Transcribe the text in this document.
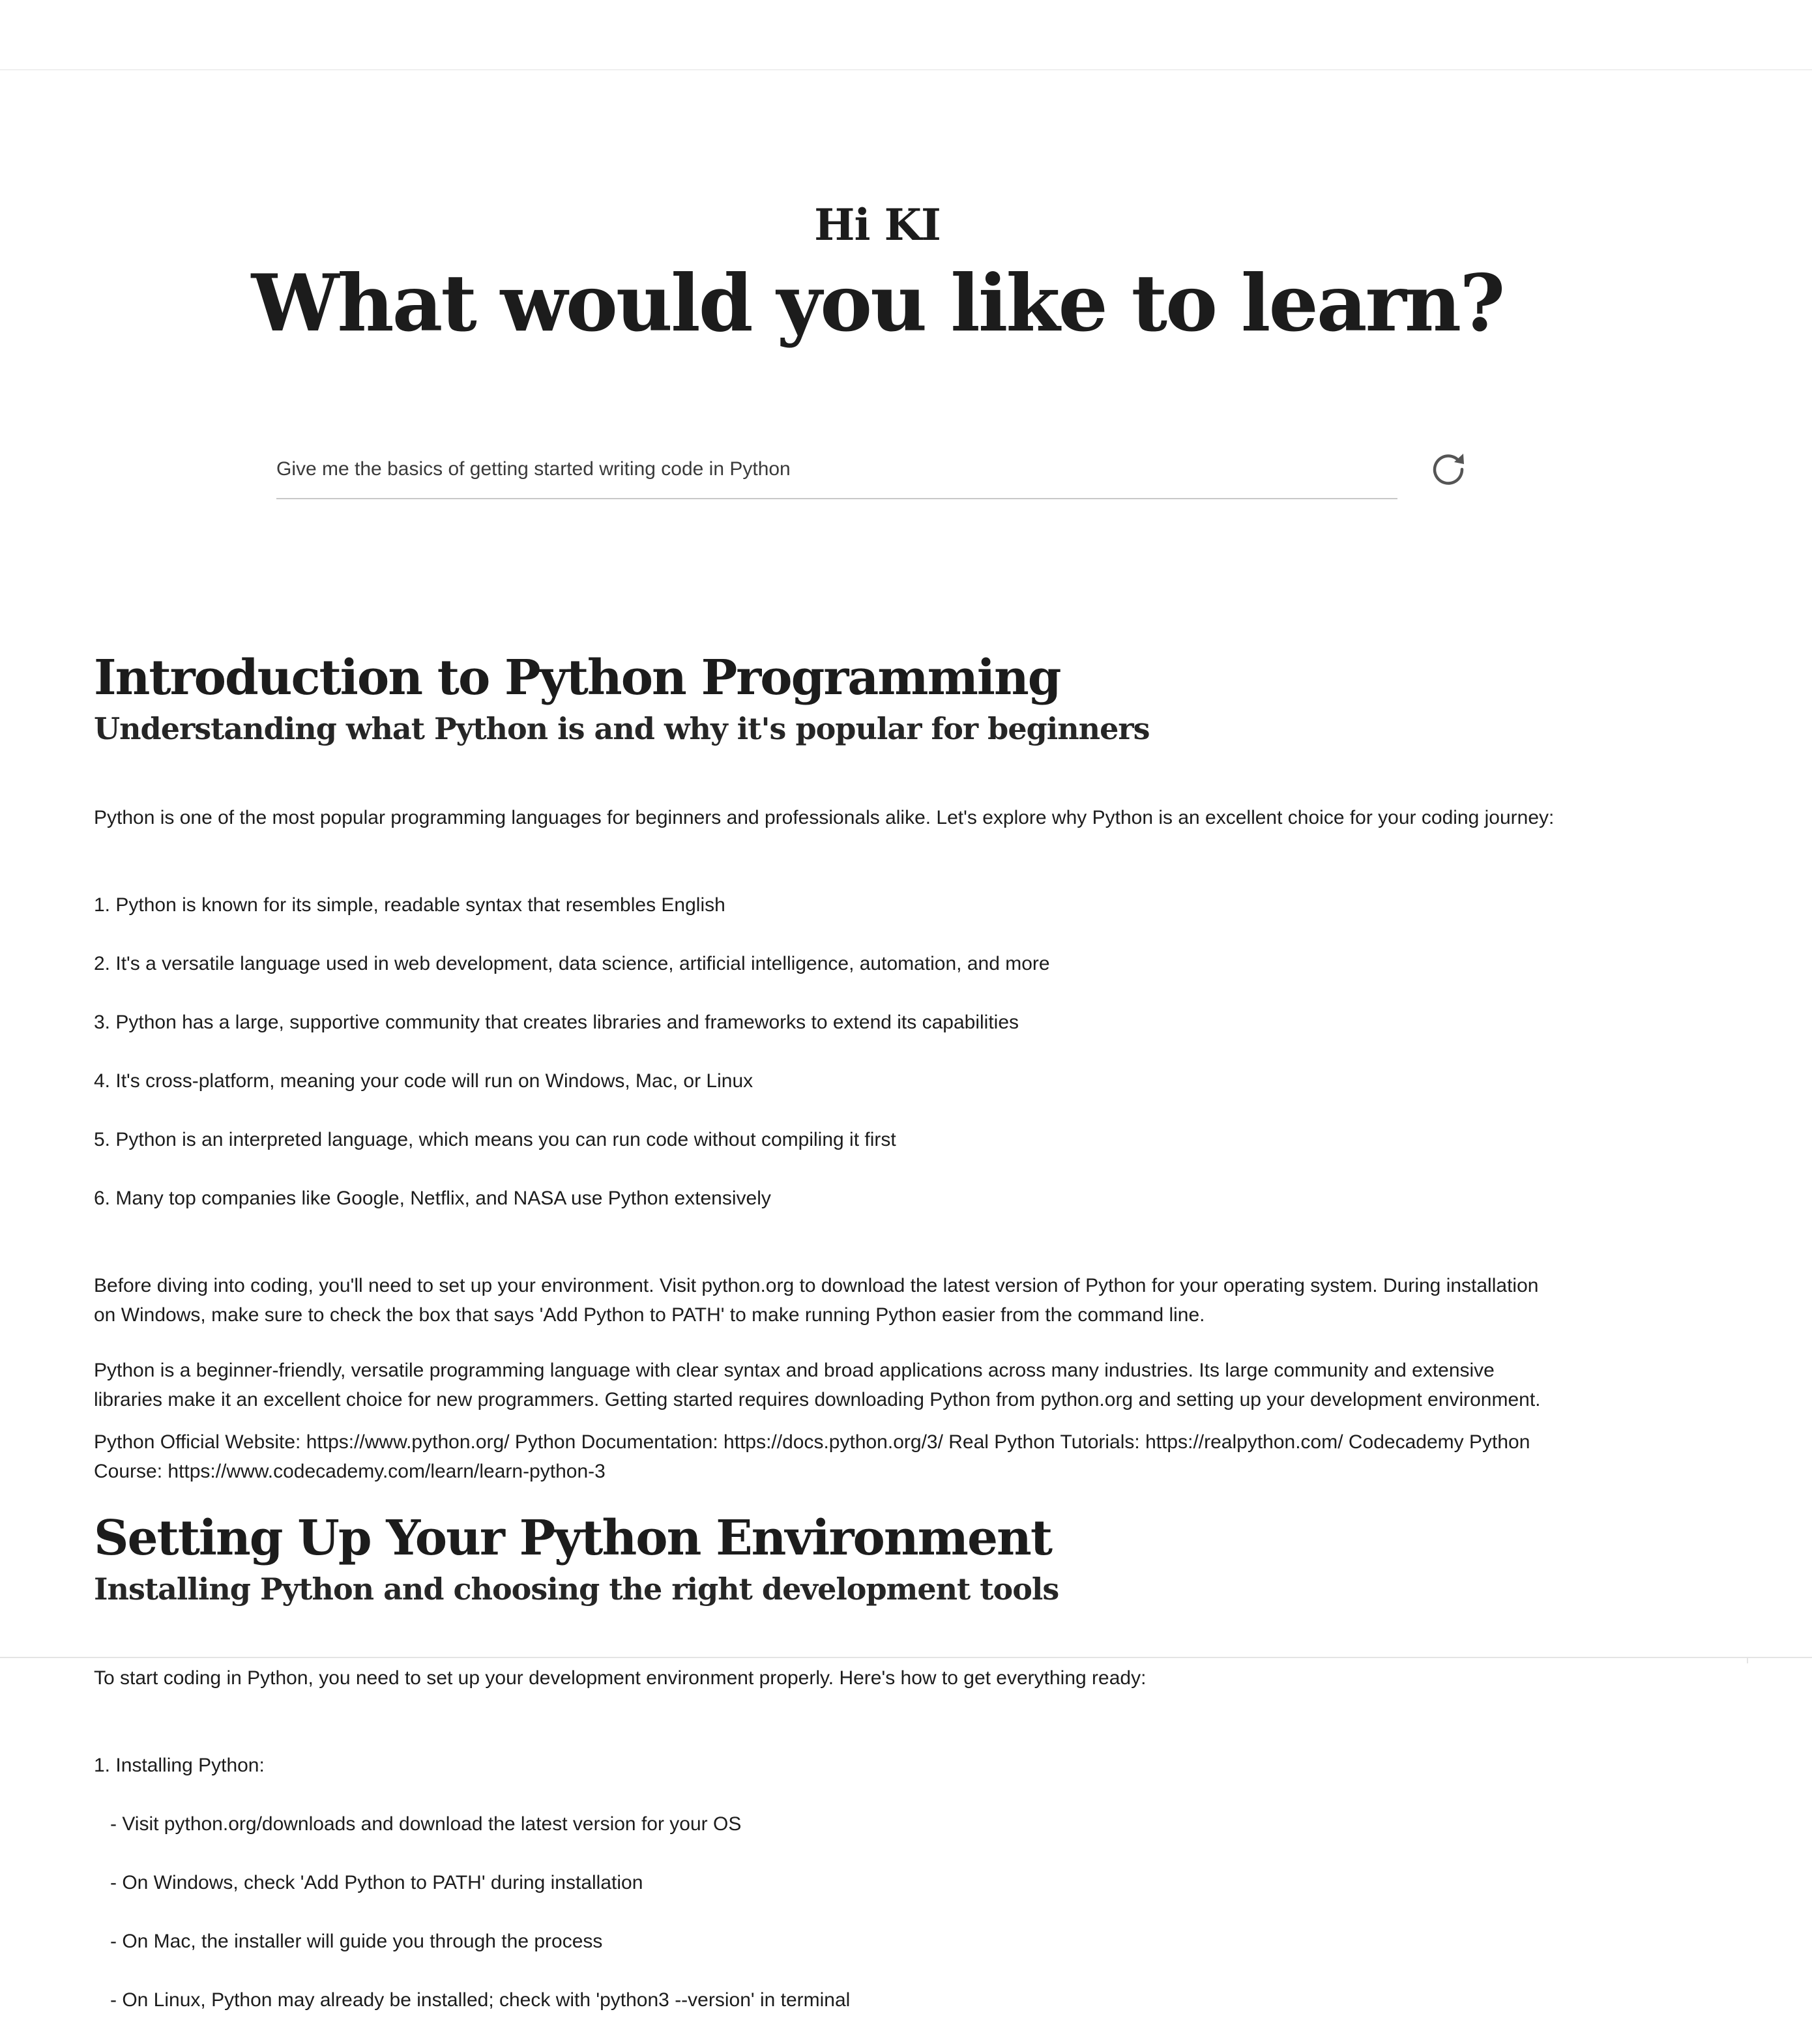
Hi KI
What would you like to learn?
Give me the basics of getting started writing code in Python
Introduction to Python Programming
Understanding what Python is and why it's popular for beginners

Python is one of the most popular programming languages for beginners and professionals alike. Let's explore why Python is an excellent choice for your coding journey:

1. Python is known for its simple, readable syntax that resembles English

2. It's a versatile language used in web development, data science, artificial intelligence, automation, and more

3. Python has a large, supportive community that creates libraries and frameworks to extend its capabilities

4. It's cross-platform, meaning your code will run on Windows, Mac, or Linux

5. Python is an interpreted language, which means you can run code without compiling it first

6. Many top companies like Google, Netflix, and NASA use Python extensively

Before diving into coding, you'll need to set up your environment. Visit python.org to download the latest version of Python for your operating system. During installation
on Windows, make sure to check the box that says 'Add Python to PATH' to make running Python easier from the command line.

Python is a beginner-friendly, versatile programming language with clear syntax and broad applications across many industries. Its large community and extensive
libraries make it an excellent choice for new programmers. Getting started requires downloading Python from python.org and setting up your development environment.

Python Official Website: https://www.python.org/ Python Documentation: https://docs.python.org/3/ Real Python Tutorials: https://realpython.com/ Codecademy Python
Course: https://www.codecademy.com/learn/learn-python-3

Setting Up Your Python Environment
Installing Python and choosing the right development tools

To start coding in Python, you need to set up your development environment properly. Here's how to get everything ready:

1. Installing Python:

- Visit python.org/downloads and download the latest version for your OS

- On Windows, check 'Add Python to PATH' during installation

- On Mac, the installer will guide you through the process

- On Linux, Python may already be installed; check with 'python3 --version' in terminal
